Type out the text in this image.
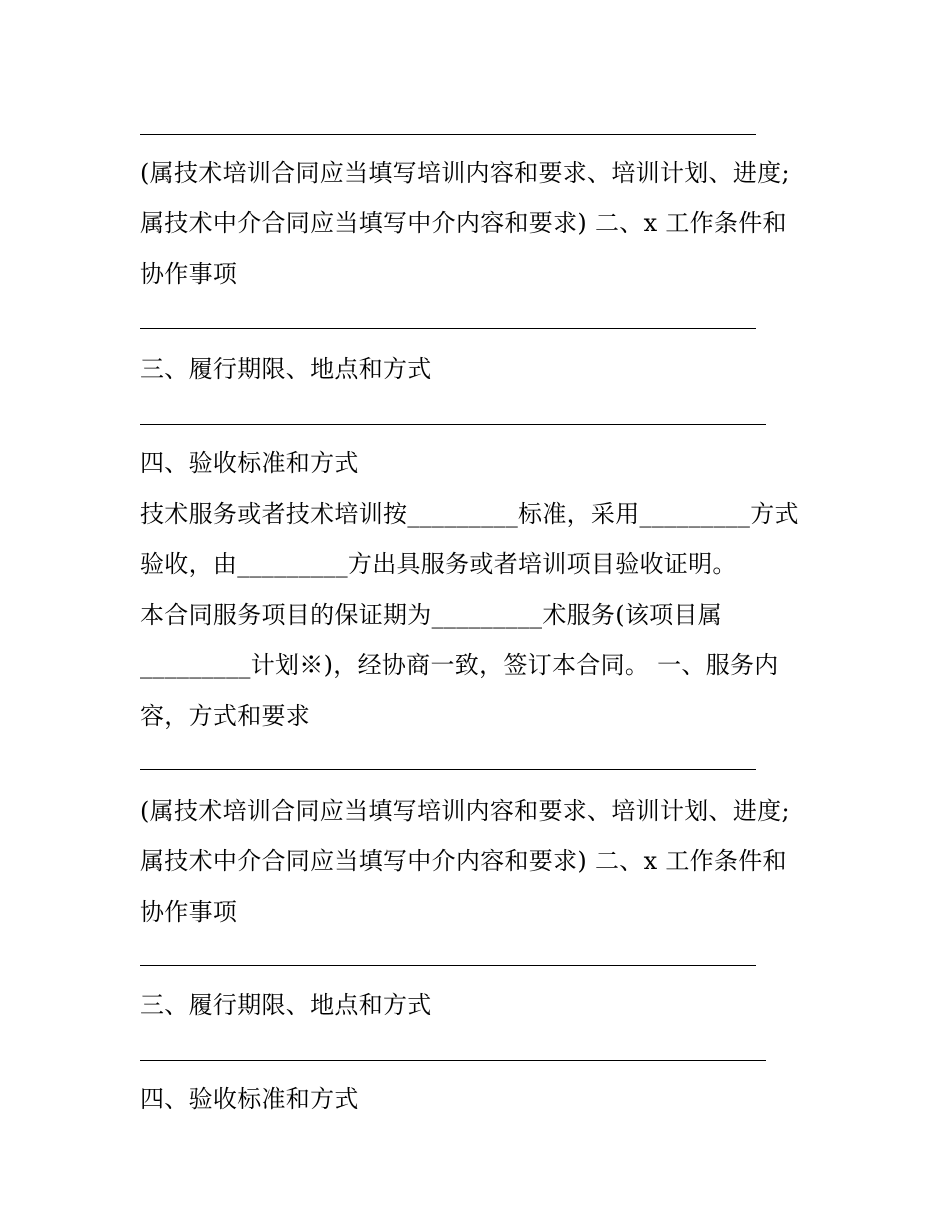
(属技术培训合同应当填写培训内容和要求、培训计划、进度;

属技术中介合同应当填写中介内容和要求) 二、x 工作条件和

协作事项

三、履行期限、地点和方式

四、验收标准和方式

技术服务或者技术培训按_________标准，采用_________方式

验收，由_________方出具服务或者培训项目验收证明。

本合同服务项目的保证期为_________术服务(该项目属

_________计划※)，经协商一致，签订本合同。 一、服务内

容，方式和要求

(属技术培训合同应当填写培训内容和要求、培训计划、进度;

属技术中介合同应当填写中介内容和要求) 二、x 工作条件和

协作事项

三、履行期限、地点和方式

四、验收标准和方式
